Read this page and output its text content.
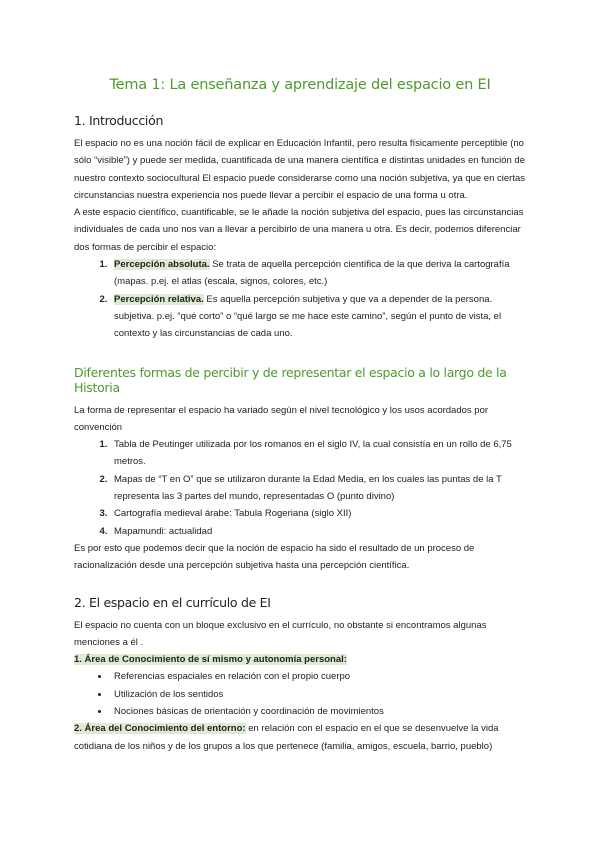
Tema 1: La enseñanza y aprendizaje del espacio en EI
1. Introducción

El espacio no es una noción fácil de explicar en Educación Infantil, pero resulta físicamente perceptible (no sólo “visible”) y puede ser medida, cuantificada de una manera científica e distintas unidades en función de nuestro contexto sociocultural El espacio puede considerarse como una noción subjetiva, ya que en ciertas circunstancias nuestra experiencia nos puede llevar a percibir el espacio de una forma u otra.

A este espacio científico, cuantificable, se le añade la noción subjetiva del espacio, pues las circunstancias individuales de cada uno nos van a llevar a percibirlo de una manera u otra. Es decir, podemos diferenciar dos formas de percibir el espacio:

1. Percepción absoluta. Se trata de aquella percepción científica de la que deriva la cartografía (mapas. p.ej. el atlas (escala, signos, colores, etc.)
2. Percepción relativa. Es aquella percepción subjetiva y que va a depender de la persona. subjetiva. p.ej. “qué corto” o “qué largo se me hace este camino”, según el punto de vista, el contexto y las circunstancias de cada uno.
Diferentes formas de percibir y de representar el espacio a lo largo de la Historia

La forma de representar el espacio ha variado según el nivel tecnológico y los usos acordados por convención

1. Tabla de Peutinger utilizada por los romanos en el siglo IV, la cual consistía en un rollo de 6,75 metros.
2. Mapas de “T en O” que se utilizaron durante la Edad Media, en los cuales las puntas de la T representa las 3 partes del mundo, representadas O (punto divino)
3. Cartografía medieval árabe: Tabula Rogeriana (siglo XII)
4. Mapamundi: actualidad

Es por esto que podemos decir que la noción de espacio ha sido el resultado de un proceso de racionalización desde una percepción subjetiva hasta una percepción científica.

2. El espacio en el currículo de EI

El espacio no cuenta con un bloque exclusivo en el currículo, no obstante si encontramos algunas menciones a él .

1. Área de Conocimiento de sí mismo y autonomía personal:

• Referencias espaciales en relación con el propio cuerpo
• Utilización de los sentidos
• Nociones básicas de orientación y coordinación de movimientos

2. Área del Conocimiento del entorno: en relación con el espacio en el que se desenvuelve la vida cotidiana de los niños y de los grupos a los que pertenece (familia, amigos, escuela, barrio, pueblo)
